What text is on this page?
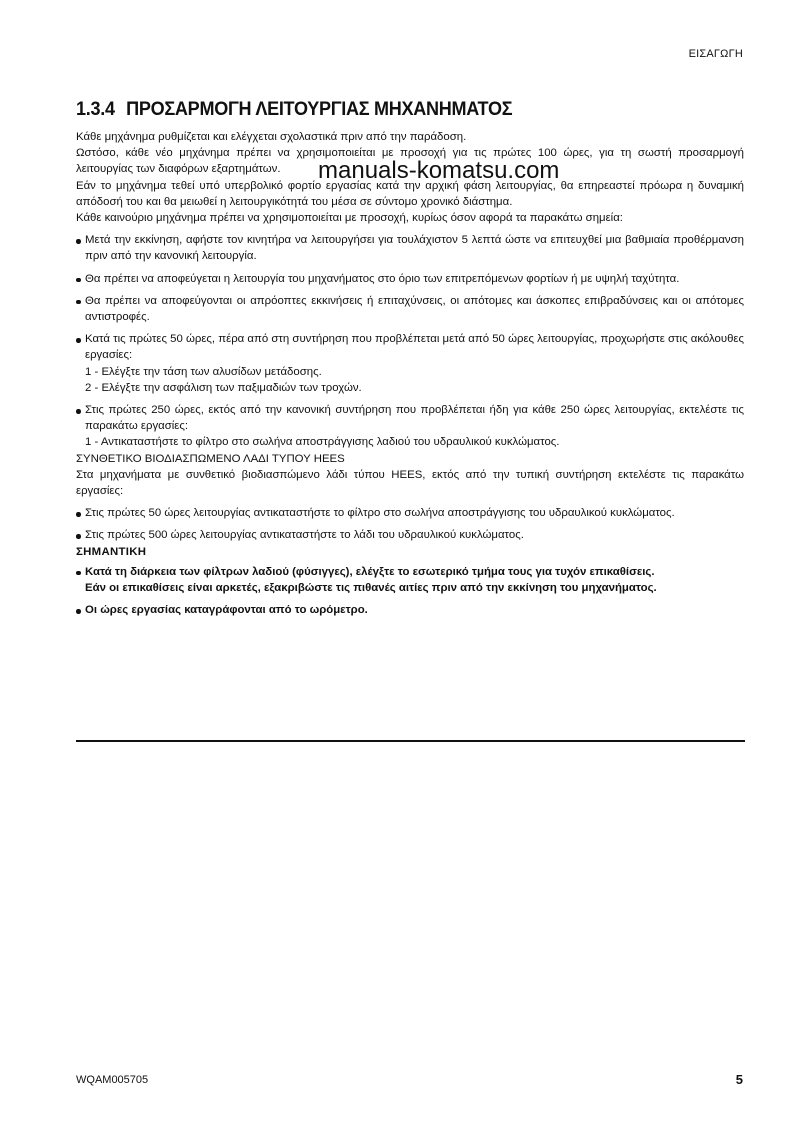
ΕΙΣΑΓΩΓΗ
1.3.4 ΠΡΟΣΑΡΜΟΓΗ ΛΕΙΤΟΥΡΓΙΑΣ ΜΗΧΑΝΗΜΑΤΟΣ

Κάθε μηχάνημα ρυθμίζεται και ελέγχεται σχολαστικά πριν από την παράδοση.

Ωστόσο, κάθε νέο μηχάνημα πρέπει να χρησιμοποιείται με προσοχή για τις πρώτες 100 ώρες, για τη σωστή προσαρμογή λειτουργίας των διαφόρων εξαρτημάτων.

Εάν το μηχάνημα τεθεί υπό υπερβολικό φορτίο εργασίας κατά την αρχική φάση λειτουργίας, θα επηρεαστεί πρόωρα η δυναμική απόδοσή του και θα μειωθεί η λειτουργικότητά του μέσα σε σύντομο χρονικό διάστημα.

Κάθε καινούριο μηχάνημα πρέπει να χρησιμοποιείται με προσοχή, κυρίως όσον αφορά τα παρακάτω σημεία:

Μετά την εκκίνηση, αφήστε τον κινητήρα να λειτουργήσει για τουλάχιστον 5 λεπτά ώστε να επιτευχθεί μια βαθμιαία προθέρμανση πριν από την κανονική λειτουργία.
Θα πρέπει να αποφεύγεται η λειτουργία του μηχανήματος στο όριο των επιτρεπόμενων φορτίων ή με υψηλή ταχύτητα.
Θα πρέπει να αποφεύγονται οι απρόοπτες εκκινήσεις ή επιταχύνσεις, οι απότομες και άσκοπες επιβραδύνσεις και οι απότομες αντιστροφές.
Κατά τις πρώτες 50 ώρες, πέρα από στη συντήρηση που προβλέπεται μετά από 50 ώρες λειτουργίας, προχωρήστε στις ακόλουθες εργασίες:
1 - Ελέγξτε την τάση των αλυσίδων μετάδοσης.
2 - Ελέγξτε την ασφάλιση των παξιμαδιών των τροχών.
Στις πρώτες 250 ώρες, εκτός από την κανονική συντήρηση που προβλέπεται ήδη για κάθε 250 ώρες λειτουργίας, εκτελέστε τις παρακάτω εργασίες:
1 - Αντικαταστήστε το φίλτρο στο σωλήνα αποστράγγισης λαδιού του υδραυλικού κυκλώματος.

ΣΥΝΘΕΤΙΚΟ ΒΙΟΔΙΑΣΠΩΜΕΝΟ ΛΑΔΙ ΤΥΠΟΥ HEES

Στα μηχανήματα με συνθετικό βιοδιασπώμενο λάδι τύπου HEES, εκτός από την τυπική συντήρηση εκτελέστε τις παρακάτω εργασίες:

Στις πρώτες 50 ώρες λειτουργίας αντικαταστήστε το φίλτρο στο σωλήνα αποστράγγισης του υδραυλικού κυκλώματος.
Στις πρώτες 500 ώρες λειτουργίας αντικαταστήστε το λάδι του υδραυλικού κυκλώματος.

ΣΗΜΑΝΤΙΚΗ

Κατά τη διάρκεια των φίλτρων λαδιού (φύσιγγες), ελέγξτε το εσωτερικό τμήμα τους για τυχόν επικαθίσεις.
Εάν οι επικαθίσεις είναι αρκετές, εξακριβώστε τις πιθανές αιτίες πριν από την εκκίνηση του μηχανήματος.
Οι ώρες εργασίας καταγράφονται από το ωρόμετρο.
manuals-komatsu.com
WQAM005705	5
